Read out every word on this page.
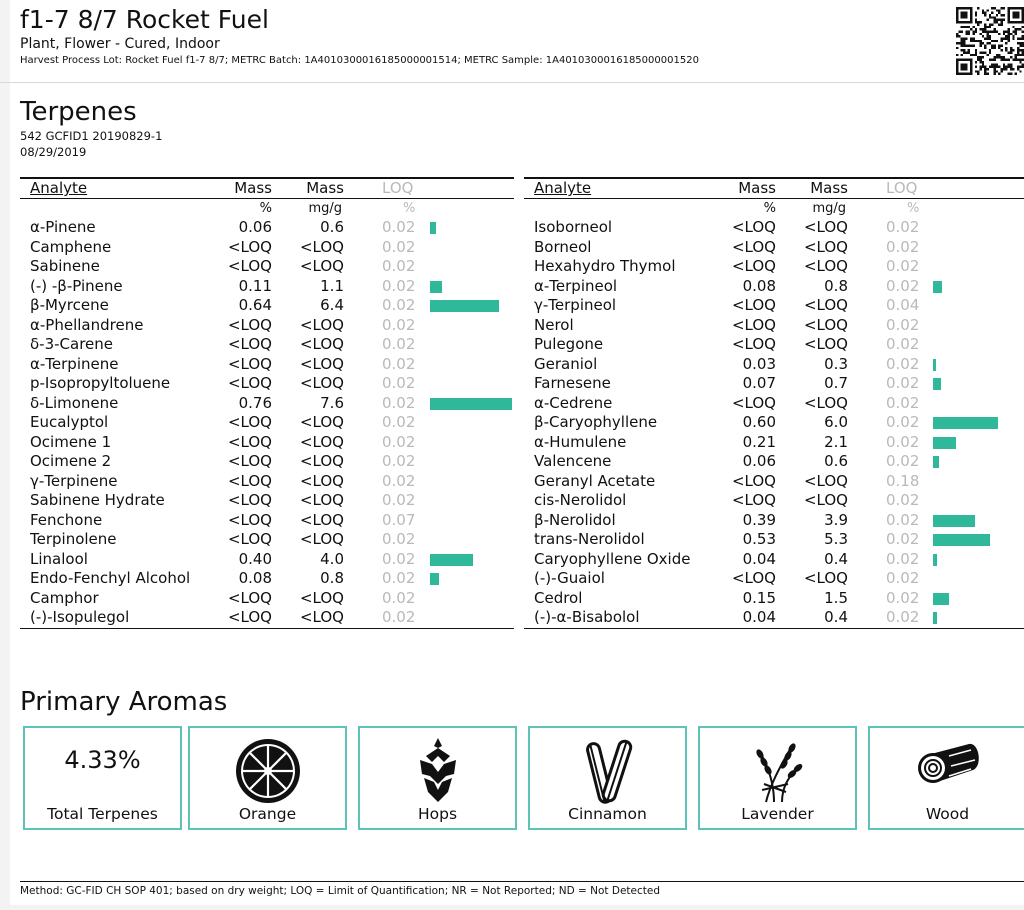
f1-7 8/7 Rocket Fuel
Plant, Flower - Cured, Indoor
Harvest Process Lot: Rocket Fuel f1-7 8/7; METRC Batch: 1A4010300016185000001514; METRC Sample: 1A4010300016185000001520
Terpenes
542 GCFID1 20190829-1
08/29/2019
Analyte	Mass Mass	LOQ
%	mg/g	%
α-Pinene	0.06	0.6	0.02
Camphene	<LOQ <LOQ	0.02
Sabinene	<LOQ <LOQ	0.02
(-) -β-Pinene	0.11	1.1	0.02
β-Myrcene	0.64	6.4	0.02
α-Phellandrene	<LOQ <LOQ	0.02
δ-3-Carene	<LOQ <LOQ	0.02
α-Terpinene	<LOQ <LOQ	0.02
p-Isopropyltoluene	<LOQ <LOQ	0.02
δ-Limonene	0.76	7.6	0.02
Eucalyptol	<LOQ <LOQ	0.02
Ocimene 1	<LOQ <LOQ	0.02
Ocimene 2	<LOQ <LOQ	0.02
γ-Terpinene	<LOQ <LOQ	0.02
Sabinene Hydrate	<LOQ <LOQ	0.02
Fenchone	<LOQ <LOQ	0.07
Terpinolene	<LOQ <LOQ	0.02
Linalool	0.40	4.0	0.02
Endo-Fenchyl Alcohol	0.08	0.8	0.02
Camphor	<LOQ <LOQ	0.02
(-)-Isopulegol	<LOQ <LOQ	0.02
Analyte	Mass Mass	LOQ
%	mg/g	%
Isoborneol	<LOQ <LOQ	0.02
Borneol	<LOQ <LOQ	0.02
Hexahydro Thymol	<LOQ <LOQ	0.02
α-Terpineol	0.08	0.8	0.02
γ-Terpineol	<LOQ <LOQ	0.04
Nerol	<LOQ <LOQ	0.02
Pulegone	<LOQ <LOQ	0.02
Geraniol	0.03	0.3	0.02
Farnesene	0.07	0.7	0.02
α-Cedrene	<LOQ <LOQ	0.02
β-Caryophyllene	0.60	6.0	0.02
α-Humulene	0.21	2.1	0.02
Valencene	0.06	0.6	0.02
Geranyl Acetate	<LOQ <LOQ	0.18
cis-Nerolidol	<LOQ <LOQ	0.02
β-Nerolidol	0.39	3.9	0.02
trans-Nerolidol	0.53	5.3	0.02
Caryophyllene Oxide	0.04	0.4	0.02
(-)-Guaiol	<LOQ <LOQ	0.02
Cedrol	0.15	1.5	0.02
(-)-α-Bisabolol	0.04	0.4	0.02
Primary Aromas
4.33%
Total Terpenes	Orange	Hops	Cinnamon	Lavender	Wood
Method: GC-FID CH SOP 401; based on dry weight; LOQ = Limit of Quantification; NR = Not Reported; ND = Not Detected
